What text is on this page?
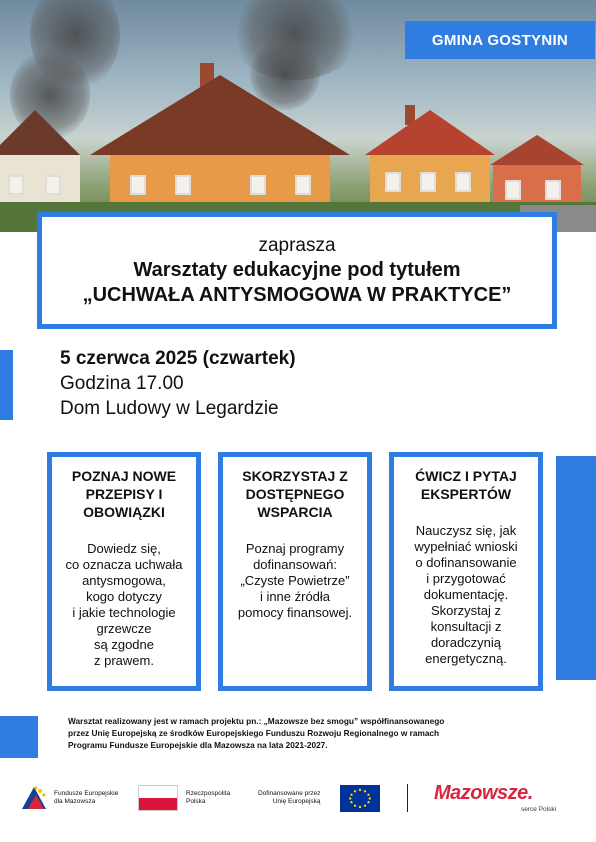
GMINA GOSTYNIN
zaprasza
Warsztaty edukacyjne pod tytułem
„UCHWAŁA ANTYSMOGOWA W PRAKTYCE”
5 czerwca 2025 (czwartek)
Godzina 17.00
Dom Ludowy w Legardzie
POZNAJ NOWE
PRZEPISY I
OBOWIĄZKI
Dowiedz się,
co oznacza uchwała
antysmogowa,
kogo dotyczy
i jakie technologie
grzewcze
są zgodne
z prawem.
SKORZYSTAJ Z
DOSTĘPNEGO
WSPARCIA
Poznaj programy
dofinansowań:
„Czyste Powietrze”
i inne źródła
pomocy finansowej.
ĆWICZ I PYTAJ
EKSPERTÓW
Nauczysz się, jak
wypełniać wnioski
o dofinansowanie
i przygotować
dokumentację.
Skorzystaj z
konsultacji z
doradczynią
energetyczną.
Warsztat realizowany jest w ramach projektu pn.: „Mazowsze bez smogu” współfinansowanego
przez Unię Europejską ze środków Europejskiego Funduszu Rozwoju Regionalnego w ramach
Programu Fundusze Europejskie dla Mazowsza na lata 2021-2027.
Fundusze Europejskie
dla Mazowsza
Rzeczpospolita
Polska
Dofinansowane przez
Unię Europejską	Mazowsze.
serce Polski
